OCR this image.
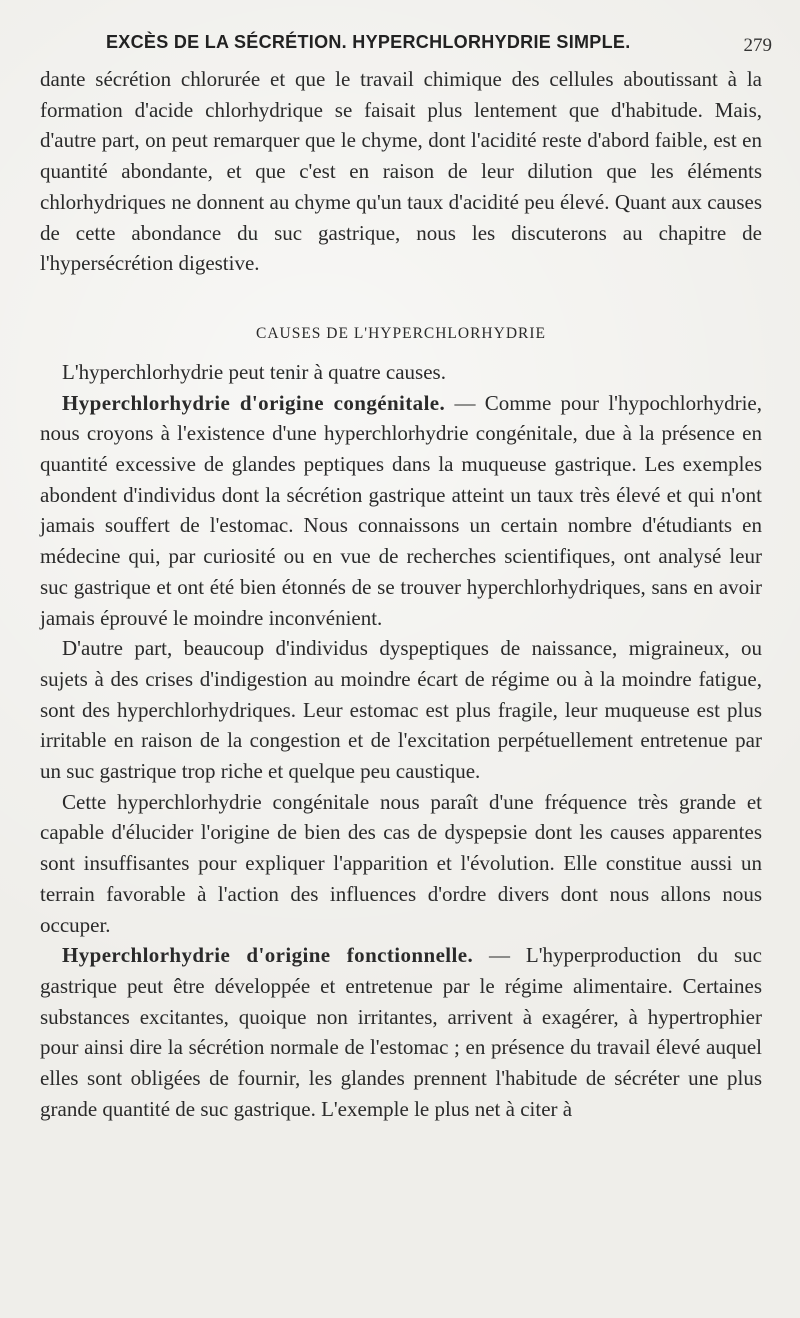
EXCÈS DE LA SÉCRÉTION. HYPERCHLORHYDRIE SIMPLE.	279

dante sécrétion chlorurée et que le travail chimique des cellules aboutissant à la formation d'acide chlorhydrique se faisait plus lentement que d'habitude. Mais, d'autre part, on peut remarquer que le chyme, dont l'acidité reste d'abord faible, est en quantité abondante, et que c'est en raison de leur dilution que les éléments chlorhydriques ne donnent au chyme qu'un taux d'acidité peu élevé. Quant aux causes de cette abondance du suc gastrique, nous les discuterons au chapitre de l'hypersécrétion digestive.

CAUSES DE L'HYPERCHLORHYDRIE

L'hyperchlorhydrie peut tenir à quatre causes.

Hyperchlorhydrie d'origine congénitale. — Comme pour l'hypochlorhydrie, nous croyons à l'existence d'une hyperchlorhydrie congénitale, due à la présence en quantité excessive de glandes peptiques dans la muqueuse gastrique. Les exemples abondent d'individus dont la sécrétion gastrique atteint un taux très élevé et qui n'ont jamais souffert de l'estomac. Nous connaissons un certain nombre d'étudiants en médecine qui, par curiosité ou en vue de recherches scientifiques, ont analysé leur suc gastrique et ont été bien étonnés de se trouver hyperchlorhydriques, sans en avoir jamais éprouvé le moindre inconvénient.

D'autre part, beaucoup d'individus dyspeptiques de naissance, migraineux, ou sujets à des crises d'indigestion au moindre écart de régime ou à la moindre fatigue, sont des hyperchlorhydriques. Leur estomac est plus fragile, leur muqueuse est plus irritable en raison de la congestion et de l'excitation perpétuellement entretenue par un suc gastrique trop riche et quelque peu caustique.

Cette hyperchlorhydrie congénitale nous paraît d'une fréquence très grande et capable d'élucider l'origine de bien des cas de dyspepsie dont les causes apparentes sont insuffisantes pour expliquer l'apparition et l'évolution. Elle constitue aussi un terrain favorable à l'action des influences d'ordre divers dont nous allons nous occuper.

Hyperchlorhydrie d'origine fonctionnelle. — L'hyperproduction du suc gastrique peut être développée et entretenue par le régime alimentaire. Certaines substances excitantes, quoique non irritantes, arrivent à exagérer, à hypertrophier pour ainsi dire la sécrétion normale de l'estomac ; en présence du travail élevé auquel elles sont obligées de fournir, les glandes prennent l'habitude de sécréter une plus grande quantité de suc gastrique. L'exemple le plus net à citer à
